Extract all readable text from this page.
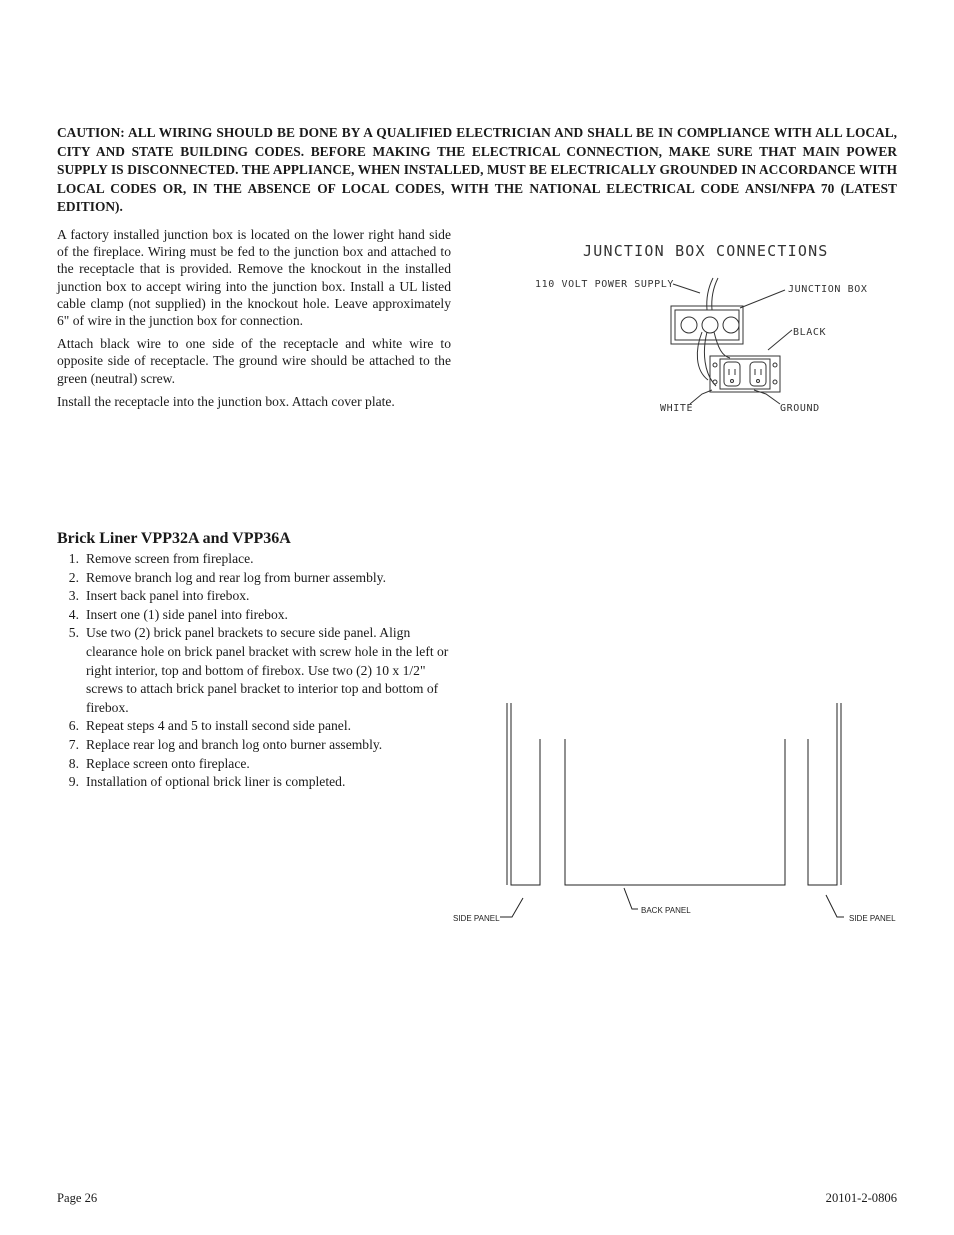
CAUTION: ALL WIRING SHOULD BE DONE BY A QUALIFIED ELECTRICIAN AND SHALL BE IN COMPLIANCE WITH ALL LOCAL, CITY AND STATE BUILDING CODES. BEFORE MAKING THE ELECTRICAL CONNECTION, MAKE SURE THAT MAIN POWER SUPPLY IS DISCONNECTED. THE APPLIANCE, WHEN INSTALLED, MUST BE ELECTRICALLY GROUNDED IN ACCORDANCE WITH LOCAL CODES OR, IN THE ABSENCE OF LOCAL CODES, WITH THE NATIONAL ELECTRICAL CODE ANSI/NFPA 70 (LATEST EDITION).

A factory installed junction box is located on the lower right hand side of the fireplace. Wiring must be fed to the junction box and attached to the receptacle that is provided. Remove the knockout in the installed junction box to accept wiring into the junction box. Install a UL listed cable clamp (not supplied) in the knockout hole. Leave approximately 6" of wire in the junction box for connection.

Attach black wire to one side of the receptacle and white wire to opposite side of receptacle. The ground wire should be attached to the green (neutral) screw.

Install the receptacle into the junction box. Attach cover plate.

JUNCTION BOX CONNECTIONS
110 VOLT POWER SUPPLY	JUNCTION BOX
BLACK
WHITE	GROUND
Brick Liner VPP32A and VPP36A
1. Remove screen from fireplace.
2. Remove branch log and rear log from burner assembly.
3. Insert back panel into firebox.
4. Insert one (1) side panel into firebox.
5. Use two (2) brick panel brackets to secure side panel. Align clearance hole on brick panel bracket with screw hole in the left or right interior, top and bottom of firebox. Use two (2) 10 x 1/2" screws to attach brick panel bracket to interior top and bottom of firebox.
6. Repeat steps 4 and 5 to install second side panel.
7. Replace rear log and branch log onto burner assembly.
8. Replace screen onto fireplace.
9. Installation of optional brick liner is completed.
SIDE PANEL
BACK PANEL
SIDE PANEL
Page 26	20101-2-0806
